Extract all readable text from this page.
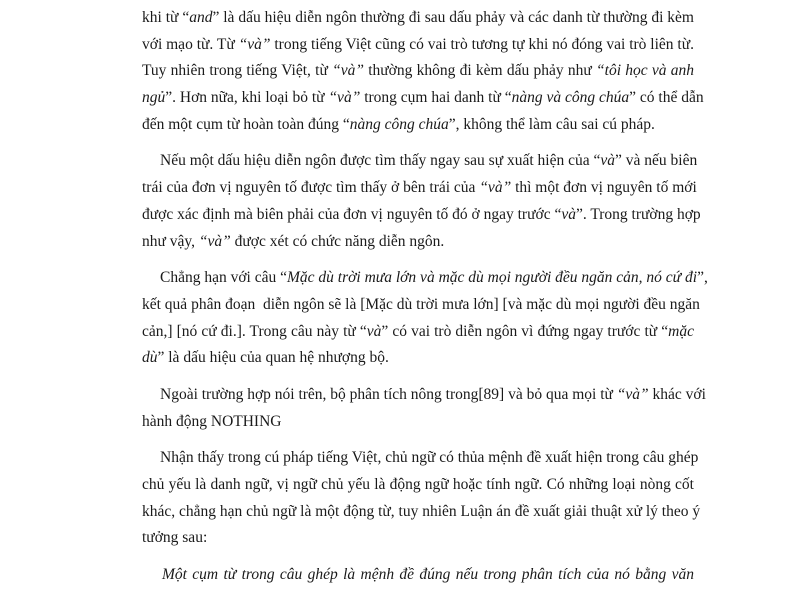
khi từ “and” là dấu hiệu diễn ngôn thường đi sau dấu phảy và các danh từ thường đi kèm
với mạo từ. Từ “và” trong tiếng Việt cũng có vai trò tương tự khi nó đóng vai trò liên từ.
Tuy nhiên trong tiếng Việt, từ “và” thường không đi kèm dấu phảy như “tôi học và anh
ngủ”. Hơn nữa, khi loại bỏ từ “và” trong cụm hai danh từ “nàng và công chúa” có thể dẫn
đến một cụm từ hoàn toàn đúng “nàng công chúa”, không thể làm câu sai cú pháp.
Nếu một dấu hiệu diễn ngôn được tìm thấy ngay sau sự xuất hiện của “và” và nếu biên
trái của đơn vị nguyên tố được tìm thấy ở bên trái của “và” thì một đơn vị nguyên tố mới
được xác định mà biên phải của đơn vị nguyên tố đó ở ngay trước “và”. Trong trường hợp
như vậy, “và” được xét có chức năng diễn ngôn.
Chẳng hạn với câu “Mặc dù trời mưa lớn và mặc dù mọi người đều ngăn cản, nó cứ đi”,
kết quả phân đoạn  diễn ngôn sẽ là [Mặc dù trời mưa lớn] [và mặc dù mọi người đều ngăn
cản,] [nó cứ đi.]. Trong câu này từ “và” có vai trò diễn ngôn vì đứng ngay trước từ “mặc
dù” là dấu hiệu của quan hệ nhượng bộ.
Ngoài trường hợp nói trên, bộ phân tích nông trong[89] và bỏ qua mọi từ “và” khác với
hành động NOTHING
Nhận thấy trong cú pháp tiếng Việt, chủ ngữ có thủa mệnh đề xuất hiện trong câu ghép
chủ yếu là danh ngữ, vị ngữ chủ yếu là động ngữ hoặc tính ngữ. Có những loại nòng cốt
khác, chẳng hạn chủ ngữ là một động từ, tuy nhiên Luận án đề xuất giải thuật xử lý theo ý
tưởng sau:
Một cụm từ trong câu ghép là mệnh đề đúng nếu trong phân tích của nó bằng văn
